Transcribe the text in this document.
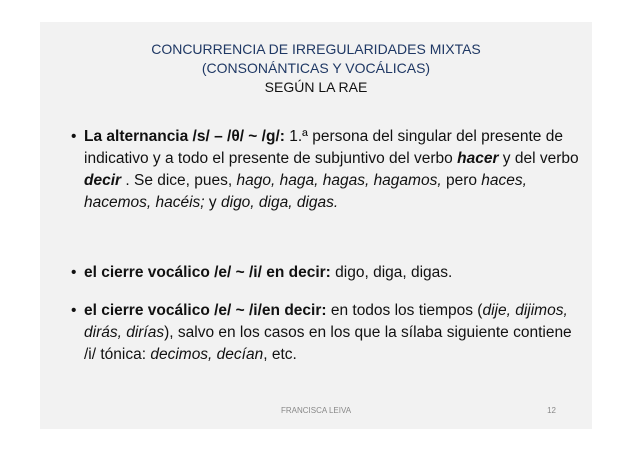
CONCURRENCIA DE IRREGULARIDADES MIXTAS
(CONSONÁNTICAS Y VOCÁLICAS)
SEGÚN LA RAE
• La alternancia /s/ – /θ/ ~ /g/: 1.ª persona del singular del presente de indicativo y a todo el presente de subjuntivo del verbo hacer y del verbo decir . Se dice, pues, hago, haga, hagas, hagamos, pero haces, hacemos, hacéis; y digo, diga, digas.
• el cierre vocálico /e/ ~ /i/ en decir: digo, diga, digas.
• el cierre vocálico /e/ ~ /i/en decir: en todos los tiempos (dije, dijimos, dirás, dirías), salvo en los casos en los que la sílaba siguiente contiene /i/ tónica: decimos, decían, etc.
FRANCISCA LEIVA	12
